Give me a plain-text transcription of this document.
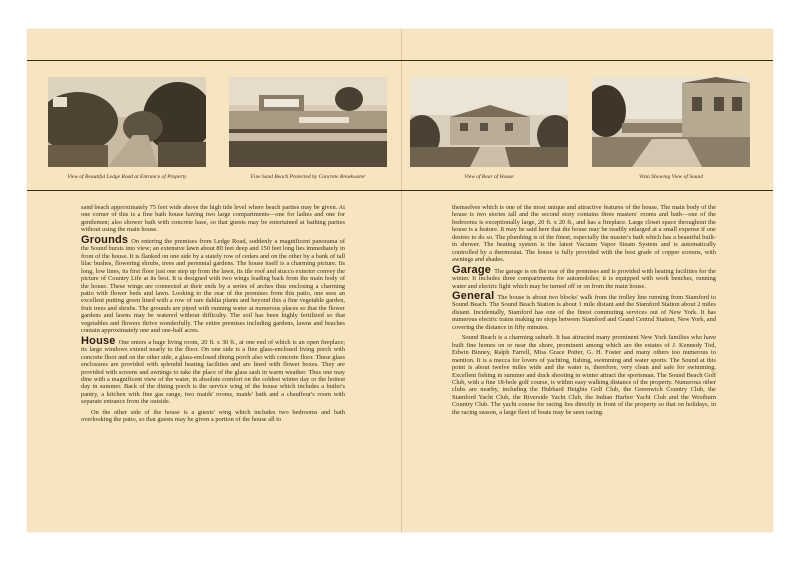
View of Beautiful Ledge Road at Entrance of Property	Fine Sand Beach Protected by Concrete Breakwater	View of Rear of House	Vista Showing View of Sound

sand beach approximately 75 feet wide above the high tide level where beach parties may be given. At one corner of this is a fine bath house having two large compartments—one for ladies and one for gentlemen; also shower bath with concrete base, so that guests may be entertained at bathing parties without using the main house.

Grounds On entering the premises from Ledge Road, suddenly a magnificent panorama of the Sound bursts into view; an extensive lawn about 80 feet deep and 150 feet long lies immediately in front of the house. It is flanked on one side by a stately row of cedars and on the other by a bank of tall lilac bushes, flowering shrubs, trees and perennial gardens. The house itself is a charming picture. Its long, low lines, its first floor just one step up from the lawn, its tile roof and stucco exterior convey the picture of Country Life at its best. It is designed with two wings leading back from the main body of the house. These wings are connected at their ends by a series of arches thus enclosing a charming patio with flower beds and lawn. Looking to the rear of the premises from this patio, one sees an excellent putting green lined with a row of rare dahlia plants and beyond this a fine vegetable garden, fruit trees and shrubs. The grounds are piped with running water at numerous places so that the flower gardens and lawns may be watered without difficulty. The soil has been highly fertilized so that vegetables and flowers thrive wonderfully. The entire premises including gardens, lawns and beaches contain approximately one and one-half acres.

House One enters a huge living room, 20 ft. x 30 ft., at one end of which is an open fireplace; its large windows extend nearly to the floor. On one side is a fine glass-enclosed living porch with concrete floor and on the other side, a glass-enclosed dining porch also with concrete floor. These glass enclosures are provided with splendid heating facilities and are lined with flower boxes. They are provided with screens and awnings to take the place of the glass sash in warm weather. Thus one may dine with a magnificent view of the water, in absolute comfort on the coldest winter day or the hottest day in summer. Back of the dining porch is the service wing of the house which includes a butler's pantry, a kitchen with fine gas range, two maids' rooms, maids' bath and a chauffeur's room with separate entrance from the outside.

On the other side of the house is a guests' wing which includes two bedrooms and bath overlooking the patio, so that guests may be given a portion of the house all to

themselves which is one of the most unique and attractive features of the house. The main body of the house is two stories tall and the second story contains three masters' rooms and bath—one of the bedrooms is exceptionally large, 20 ft. x 20 ft., and has a fireplace. Large closet space throughout the house is a feature. It may be said here that the house may be readily enlarged at a small expense if one desires to do so. The plumbing is of the finest, especially the master's bath which has a beautiful built-in shower. The heating system is the latest Vacuum Vapor Steam System and is automatically controlled by a thermostat. The house is fully provided with the best grade of copper screens, with awnings and shades.

Garage The garage is on the rear of the premises and is provided with heating facilities for the winter. It includes three compartments for automobiles; it is equipped with work benches, running water and electric light which may be turned off or on from the main house.

General The house is about two blocks' walk from the trolley line running from Stamford to Sound Beach. The Sound Beach Station is about 1 mile distant and the Stamford Station about 2 miles distant. Incidentally, Stamford has one of the finest commuting services out of New York. It has numerous electric trains making no stops between Stamford and Grand Central Station, New York, and covering the distance in fifty minutes.

Sound Beach is a charming suburb. It has attracted many prominent New York families who have built fine homes on or near the shore, prominent among which are the estates of J. Kennedy Tod, Edwin Binney, Ralph Farrell, Miss Grace Potter, G. H. Foster and many others too numerous to mention. It is a mecca for lovers of yachting, fishing, swimming and water sports. The Sound at this point is about twelve miles wide and the water is, therefore, very clean and safe for swimming. Excellent fishing in summer and duck shooting in winter attract the sportsman. The Sound Beach Golf Club, with a fine 18-hole golf course, is within easy walking distance of the property. Numerous other clubs are nearby, including the Hubbard Heights Golf Club, the Greenwich Country Club, the Stamford Yacht Club, the Riverside Yacht Club, the Indian Harbor Yacht Club and the Westburn Country Club. The yacht course for racing lies directly in front of the property so that on holidays, in the racing season, a large fleet of boats may be seen racing.
